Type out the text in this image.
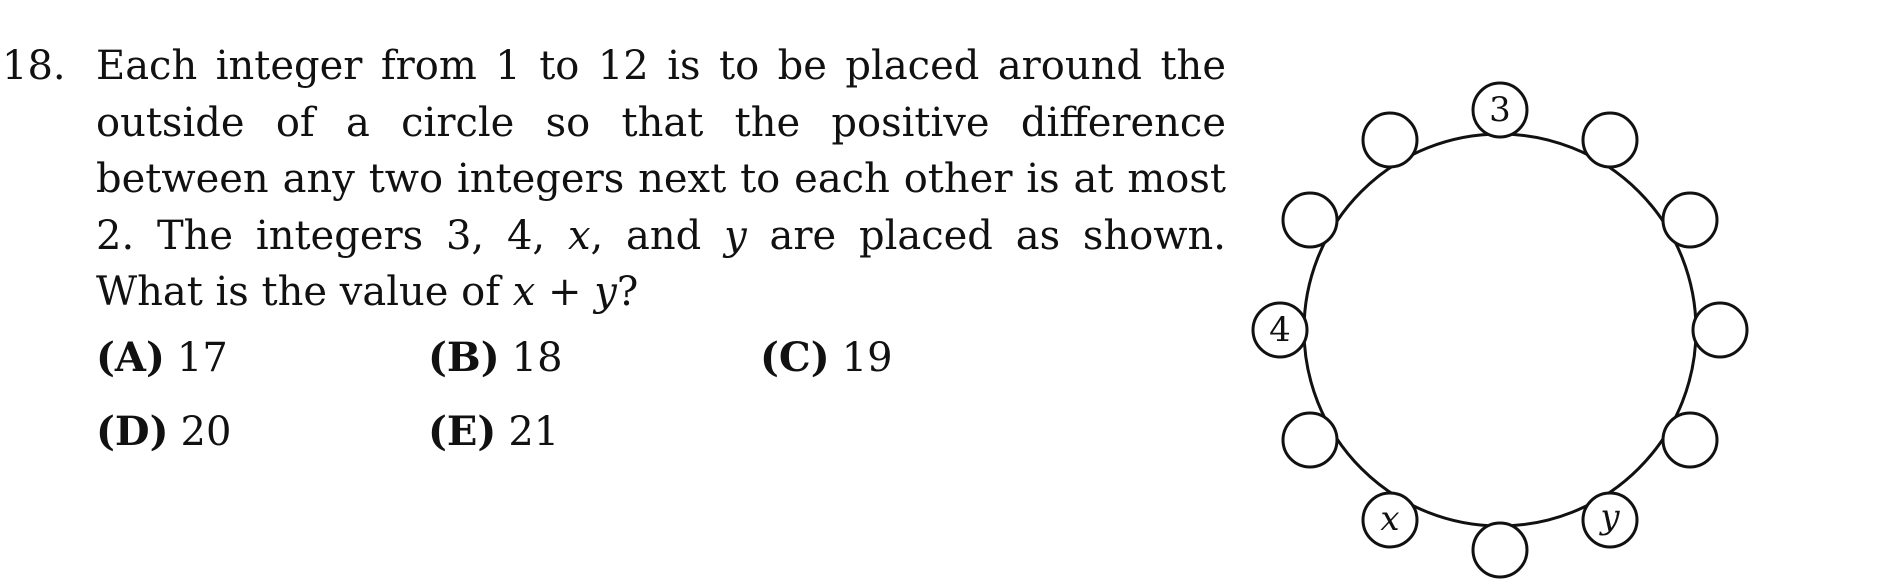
18. Each integer from 1 to 12 is to be placed around the outside of a circle so that the positive difference between any two integers next to each other is at most 2. The integers 3, 4, x, and y are placed as shown. What is the value of x + y?
(A) 17	(B) 18	(C) 19
(D) 20	(E) 21
3
4
x	y
